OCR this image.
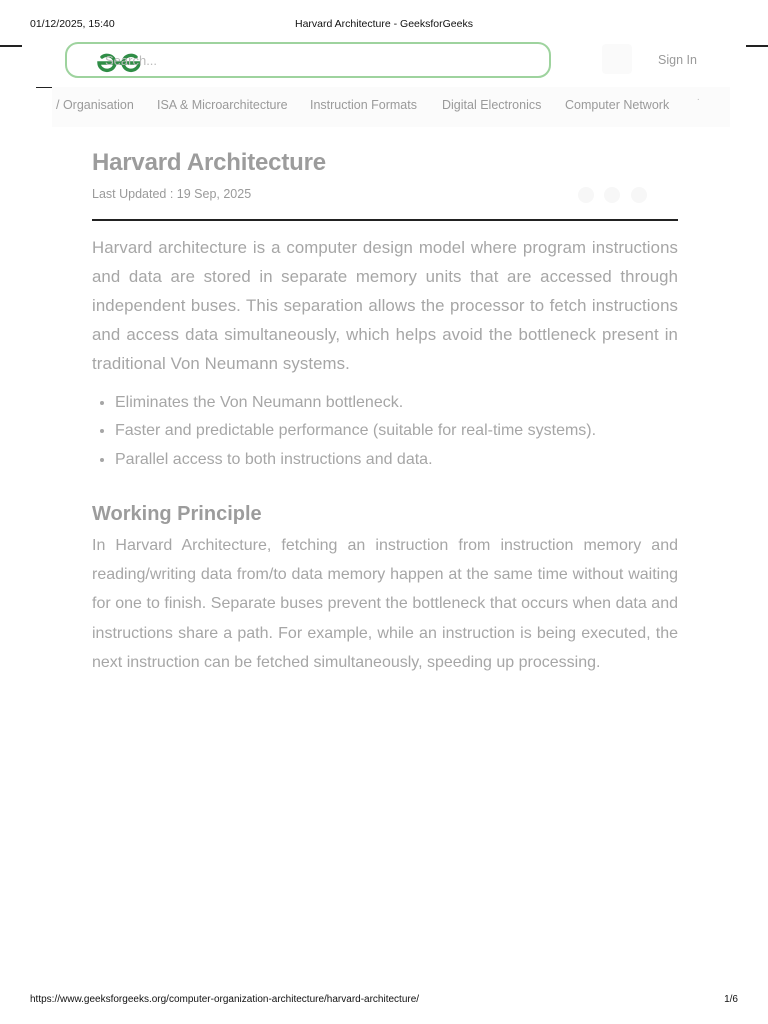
01/12/2025, 15:40	Harvard Architecture - GeeksforGeeks
Search...	Sign In
/ Organisation ISA & Microarchitecture Instruction Formats Digital Electronics Computer Network	·
Harvard Architecture
Last Updated : 19 Sep, 2025

Harvard architecture is a computer design model where program instructions and data are stored in separate memory units that are accessed through independent buses. This separation allows the processor to fetch instructions and access data simultaneously, which helps avoid the bottleneck present in traditional Von Neumann systems.

• Eliminates the Von Neumann bottleneck.
• Faster and predictable performance (suitable for real-time systems).
• Parallel access to both instructions and data.
Working Principle

In Harvard Architecture, fetching an instruction from instruction memory and reading/writing data from/to data memory happen at the same time without waiting for one to finish. Separate buses prevent the bottleneck that occurs when data and instructions share a path. For example, while an instruction is being executed, the next instruction can be fetched simultaneously, speeding up processing.

https://www.geeksforgeeks.org/computer-organization-architecture/harvard-architecture/	1/6
